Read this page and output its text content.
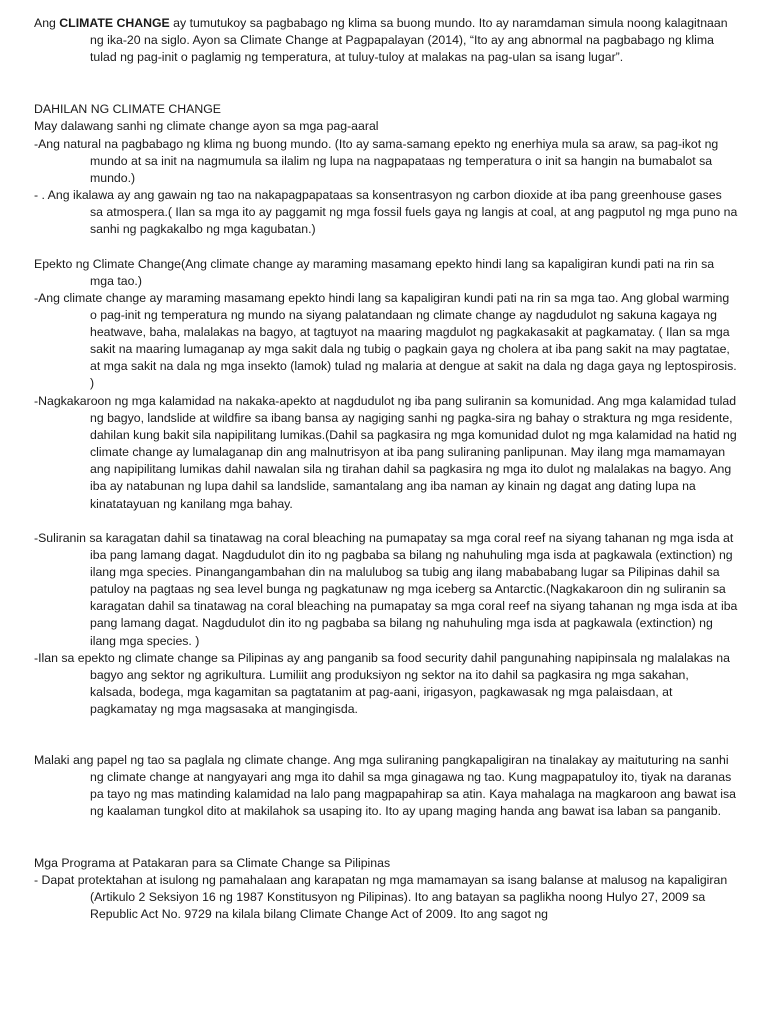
Ang CLIMATE CHANGE ay tumutukoy sa pagbabago ng klima sa buong mundo. Ito ay naramdaman simula noong kalagitnaan ng ika-20 na siglo. Ayon sa Climate Change at Pagpapalayan (2014), “Ito ay ang abnormal na pagbabago ng klima tulad ng pag-init o paglamig ng temperatura, at tuluy-tuloy at malakas na pag-ulan sa isang lugar”.

DAHILAN NG CLIMATE CHANGE

May dalawang sanhi ng climate change ayon sa mga pag-aaral

-Ang natural na pagbabago ng klima ng buong mundo. (Ito ay sama-samang epekto ng enerhiya mula sa araw, sa pag-ikot ng mundo at sa init na nagmumula sa ilalim ng lupa na nagpapataas ng temperatura o init sa hangin na bumabalot sa mundo.)

- . Ang ikalawa ay ang gawain ng tao na nakapagpapataas sa konsentrasyon ng carbon dioxide at iba pang greenhouse gases sa atmospera.( Ilan sa mga ito ay paggamit ng mga fossil fuels gaya ng langis at coal, at ang pagputol ng mga puno na sanhi ng pagkakalbo ng mga kagubatan.)

Epekto ng Climate Change(Ang climate change ay maraming masamang epekto hindi lang sa kapaligiran kundi pati na rin sa mga tao.)

-Ang climate change ay maraming masamang epekto hindi lang sa kapaligiran kundi pati na rin sa mga tao. Ang global warming o pag-init ng temperatura ng mundo na siyang palatandaan ng climate change ay nagdudulot ng sakuna kagaya ng heatwave, baha, malalakas na bagyo, at tagtuyot na maaring magdulot ng pagkakasakit at pagkamatay. ( Ilan sa mga sakit na maaring lumaganap ay mga sakit dala ng tubig o pagkain gaya ng cholera at iba pang sakit na may pagtatae, at mga sakit na dala ng mga insekto (lamok) tulad ng malaria at dengue at sakit na dala ng daga gaya ng leptospirosis. )

-Nagkakaroon ng mga kalamidad na nakaka-apekto at nagdudulot ng iba pang suliranin sa komunidad. Ang mga kalamidad tulad ng bagyo, landslide at wildfire sa ibang bansa ay nagiging sanhi ng pagka-sira ng bahay o straktura ng mga residente, dahilan kung bakit sila napipilitang lumikas.(Dahil sa pagkasira ng mga komunidad dulot ng mga kalamidad na hatid ng climate change ay lumalaganap din ang malnutrisyon at iba pang suliraning panlipunan. May ilang mga mamamayan ang napipilitang lumikas dahil nawalan sila ng tirahan dahil sa pagkasira ng mga ito dulot ng malalakas na bagyo. Ang iba ay natabunan ng lupa dahil sa landslide, samantalang ang iba naman ay kinain ng dagat ang dating lupa na kinatatayuan ng kanilang mga bahay.

-Suliranin sa karagatan dahil sa tinatawag na coral bleaching na pumapatay sa mga coral reef na siyang tahanan ng mga isda at iba pang lamang dagat. Nagdudulot din ito ng pagbaba sa bilang ng nahuhuling mga isda at pagkawala (extinction) ng ilang mga species. Pinangangambahan din na malulubog sa tubig ang ilang mabababang lugar sa Pilipinas dahil sa patuloy na pagtaas ng sea level bunga ng pagkatunaw ng mga iceberg sa Antarctic.(Nagkakaroon din ng suliranin sa karagatan dahil sa tinatawag na coral bleaching na pumapatay sa mga coral reef na siyang tahanan ng mga isda at iba pang lamang dagat. Nagdudulot din ito ng pagbaba sa bilang ng nahuhuling mga isda at pagkawala (extinction) ng ilang mga species. )

-Ilan sa epekto ng climate change sa Pilipinas ay ang panganib sa food security dahil pangunahing napipinsala ng malalakas na bagyo ang sektor ng agrikultura. Lumiliit ang produksiyon ng sektor na ito dahil sa pagkasira ng mga sakahan, kalsada, bodega, mga kagamitan sa pagtatanim at pag-aani, irigasyon, pagkawasak ng mga palaisdaan, at pagkamatay ng mga magsasaka at mangingisda.

Malaki ang papel ng tao sa paglala ng climate change. Ang mga suliraning pangkapaligiran na tinalakay ay maituturing na sanhi ng climate change at nangyayari ang mga ito dahil sa mga ginagawa ng tao. Kung magpapatuloy ito, tiyak na daranas pa tayo ng mas matinding kalamidad na lalo pang magpapahirap sa atin. Kaya mahalaga na magkaroon ang bawat isa ng kaalaman tungkol dito at makilahok sa usaping ito. Ito ay upang maging handa ang bawat isa laban sa panganib.

Mga Programa at Patakaran para sa Climate Change sa Pilipinas

- Dapat protektahan at isulong ng pamahalaan ang karapatan ng mga mamamayan sa isang balanse at malusog na kapaligiran (Artikulo 2 Seksiyon 16 ng 1987 Konstitusyon ng Pilipinas). Ito ang batayan sa paglikha noong Hulyo 27, 2009 sa Republic Act No. 9729 na kilala bilang Climate Change Act of 2009. Ito ang sagot ng
